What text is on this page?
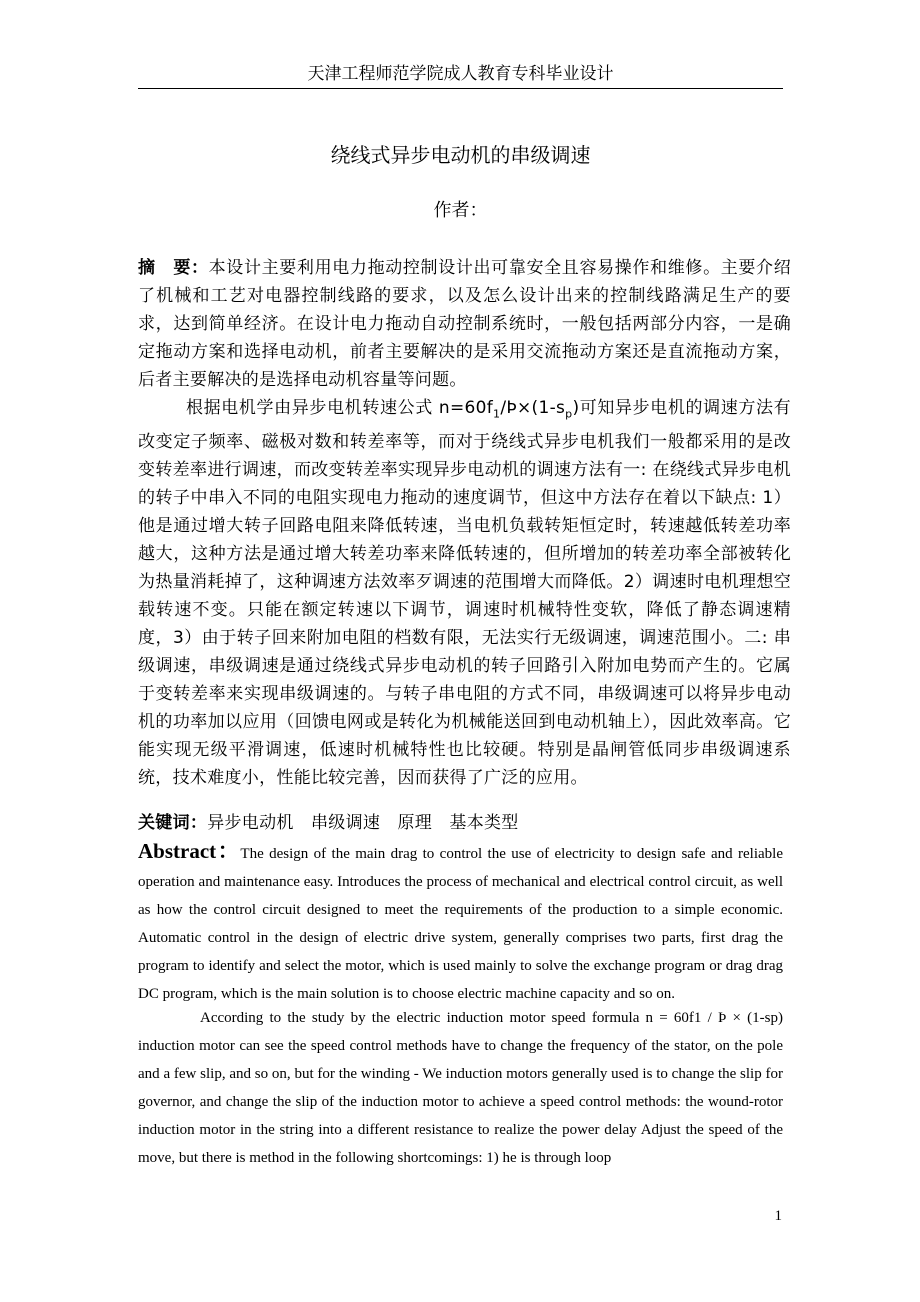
天津工程师范学院成人教育专科毕业设计
绕线式异步电动机的串级调速
作者：
摘　要：本设计主要利用电力拖动控制设计出可靠安全且容易操作和维修。主要介绍了机械和工艺对电器控制线路的要求，以及怎么设计出来的控制线路满足生产的要求，达到简单经济。在设计电力拖动自动控制系统时，一般包括两部分内容，一是确定拖动方案和选择电动机，前者主要解决的是采用交流拖动方案还是直流拖动方案，后者主要解决的是选择电动机容量等问题。
根据电机学由异步电机转速公式 $n=60f_1/Þ\times(1-s_p)$可知异步电机的调速方法有改变定子频率、磁极对数和转差率等，而对于绕线式异步电机我们一般都采用的是改变转差率进行调速，而改变转差率实现异步电动机的调速方法有一: 在绕线式异步电机的转子中串入不同的电阻实现电力拖动的速度调节，但这中方法存在着以下缺点: 1）他是通过增大转子回路电阻来降低转速，当电机负载转矩恒定时，转速越低转差功率越大，这种方法是通过增大转差功率来降低转速的，但所增加的转差功率全部被转化为热量消耗掉了，这种调速方法效率歹调速的范围增大而降低。2）调速时电机理想空载转速不变。只能在额定转速以下调节，调速时机械特性变软，降低了静态调速精度，3）由于转子回来附加电阻的档数有限，无法实行无级调速，调速范围小。二: 串级调速，串级调速是通过绕线式异步电动机的转子回路引入附加电势而产生的。它属于变转差率来实现串级调速的。与转子串电阻的方式不同，串级调速可以将异步电动机的功率加以应用（回馈电网或是转化为机械能送回到电动机轴上），因此效率高。它能实现无级平滑调速，低速时机械特性也比较硬。特别是晶闸管低同步串级调速系统，技术难度小，性能比较完善，因而获得了广泛的应用。
关键词：异步电动机　串级调速　原理　基本类型
Abstract：The design of the main drag to control the use of electricity to design safe and reliable operation and maintenance easy. Introduces the process of mechanical and electrical control circuit, as well as how the control circuit designed to meet the requirements of the production to a simple economic. Automatic control in the design of electric drive system, generally comprises two parts, first drag the program to identify and select the motor, which is used mainly to solve the exchange program or drag drag DC program, which is the main solution is to choose electric machine capacity and so on.
According to the study by the electric induction motor speed formula n = 60f1 / Þ × (1-sp) induction motor can see the speed control methods have to change the frequency of the stator, on the pole and a few slip, and so on, but for the winding - We induction motors generally used is to change the slip for governor, and change the slip of the induction motor to achieve a speed control methods: the wound-rotor induction motor in the string into a different resistance to realize the power delay Adjust the speed of the move, but there is method in the following shortcomings: 1) he is through loop
1
